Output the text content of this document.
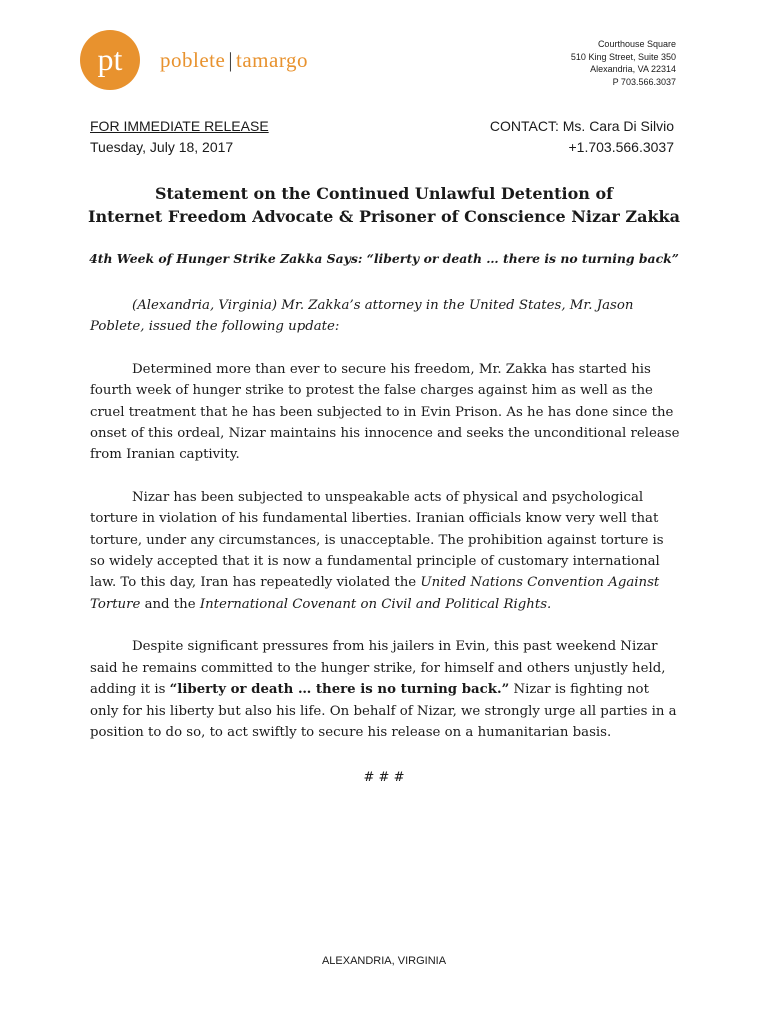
pt poblete | tamargo
Courthouse Square
510 King Street, Suite 350
Alexandria, VA 22314
P 703.566.3037
FOR IMMEDIATE RELEASE
Tuesday, July 18, 2017
CONTACT: Ms. Cara Di Silvio
+1.703.566.3037
Statement on the Continued Unlawful Detention of
Internet Freedom Advocate & Prisoner of Conscience Nizar Zakka
4th Week of Hunger Strike Zakka Says: “liberty or death … there is no turning back”

(Alexandria, Virginia) Mr. Zakka’s attorney in the United States, Mr. Jason Poblete, issued the following update:

Determined more than ever to secure his freedom, Mr. Zakka has started his fourth week of hunger strike to protest the false charges against him as well as the cruel treatment that he has been subjected to in Evin Prison. As he has done since the onset of this ordeal, Nizar maintains his innocence and seeks the unconditional release from Iranian captivity.

Nizar has been subjected to unspeakable acts of physical and psychological torture in violation of his fundamental liberties. Iranian officials know very well that torture, under any circumstances, is unacceptable. The prohibition against torture is so widely accepted that it is now a fundamental principle of customary international law. To this day, Iran has repeatedly violated the United Nations Convention Against Torture and the International Covenant on Civil and Political Rights.

Despite significant pressures from his jailers in Evin, this past weekend Nizar said he remains committed to the hunger strike, for himself and others unjustly held, adding it is “liberty or death … there is no turning back.” Nizar is fighting not only for his liberty but also his life. On behalf of Nizar, we strongly urge all parties in a position to do so, to act swiftly to secure his release on a humanitarian basis.

# # #
ALEXANDRIA, VIRGINIA
